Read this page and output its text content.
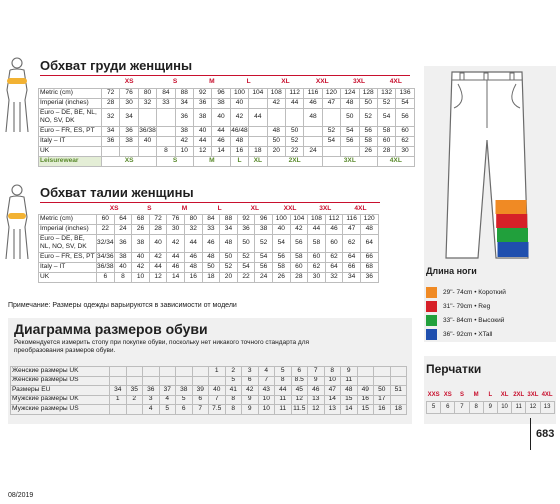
Обхват груди женщины
	XS			S		M		L		XL		XXL		3XL		4XL	
Metric (cm)	72	76	80	84	88	92	96	100	104	108	112	116	120	124	128	132	136
Imperial (inches)	28	30	32	33	34	36	38	40		42	44	46	47	48	50	52	54
Euro – DE, BE, NL, NO, SV, DK	32	34			36	38	40	42	44			48		50	52	54	56
Euro – FR, ES, PT	34	36	36/38		38	40	44	46/48		48	50		52	54	56	58	60
Italy – IT	36	38	40		42	44	46	48		50	52		54	56	58	60	62
UK				8	10	12	14	16	18	20	22	24			26	28	30
Leisurewear	XS			S		M		L	XL	2XL			3XL			4XL	
Обхват талии женщины
	XS		S		M		L		XL		XXL		3XL		4XL	
Metric (cm)	60	64	68	72	76	80	84	88	92	96	100	104	108	112	116	120
Imperial (inches)	22	24	26	28	30	32	33	34	36	38	40	42	44	46	47	48
Euro – DE, BE, NL, NO, SV, DK	32/34	36	38	40	42	44	46	48	50	52	54	56	58	60	62	64
Euro – FR, ES, PT	34/36	38	40	42	44	46	48	50	52	54	56	58	60	62	64	66
Italy – IT	36/38	40	42	44	46	48	50	52	54	56	58	60	62	64	66	68
UK	6	8	10	12	14	16	18	20	22	24	26	28	30	32	34	36
Примечание: Размеры одежды варьируются в зависимости от модели
Диаграмма размеров обуви
Рекомендуется измерить стопу при покупке обуви, поскольку нет никакого точного стандарта для преобразования размеров обуви.
Женские размеры UK							1	2	3	4	5	6	7	8	9			
Женские размеры US								5	6	7	8	8.5	9	10	11			
Размеры EU	34	35	36	37	38	39	40	41	42	43	44	45	46	47	48	49	50	51
Мужские размеры UK	1	2	3	4	5	6	7	8	9	10	11	12	13	14	15	16	17	
Мужские размеры US			4	5	6	7	7.5	8	9	10	11	11.5	12	13	14	15	16	18
Длина ноги
29"- 74cm • Короткий
31"- 79cm • Reg
33"- 84cm • Высокий
36"- 92cm • XTall
Перчатки
XXS	XS	S	M	L	XL	2XL	3XL	4XL
5	6	7	8	9	10	11	12	13
08/2019
683
